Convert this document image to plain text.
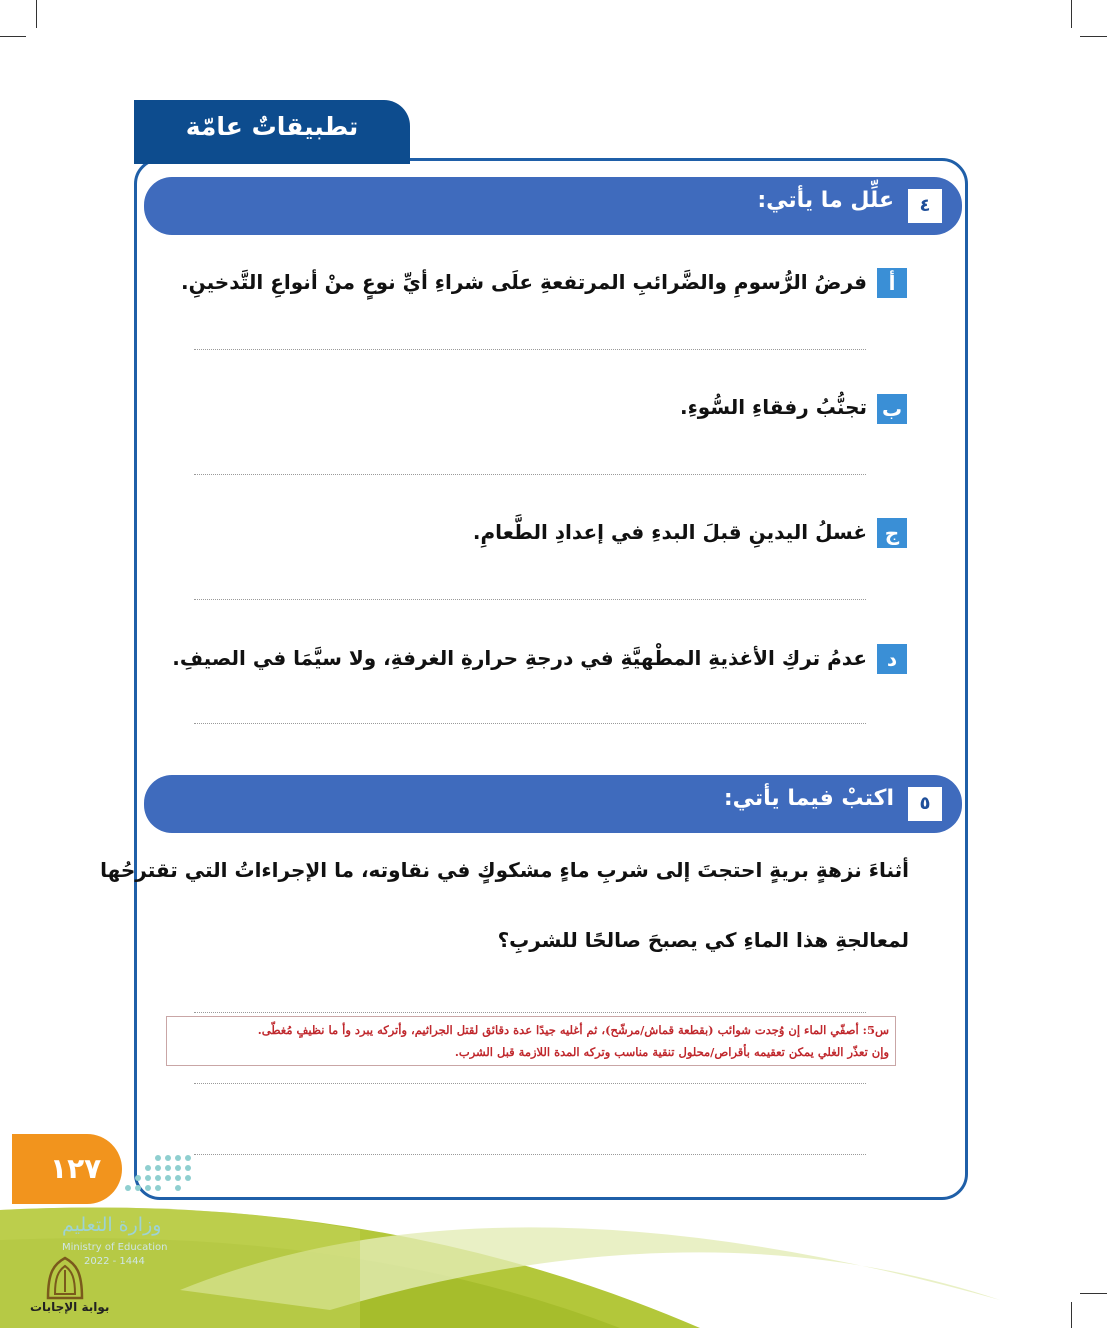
تطبيقاتٌ عامّة
٤
علِّل ما يأتي:
أ
فرضُ الرُّسومِ والضَّرائبِ المرتفعةِ علَى شراءِ أيِّ نوعٍ منْ أنواعِ التَّدخينِ.
ب
تجنُّبُ رفقاءِ السُّوءِ.
ج
غسلُ اليدينِ قبلَ البدءِ في إعدادِ الطَّعامِ.
د
عدمُ تركِ الأغذيةِ المطْهيَّةِ في درجةِ حرارةِ الغرفةِ، ولا سيَّمَا في الصيفِ.
٥
اكتبْ فيما يأتي:
أثناءَ نزهةٍ بريةٍ احتجتَ إلى شربِ ماءٍ مشكوكٍ في نقاوته، ما الإجراءاتُ التي تقترحُها
لمعالجةِ هذا الماءِ كي يصبحَ صالحًا للشربِ؟
س5: أصفّي الماء إن وُجدت شوائب (بقطعة قماش/مرشّح)، ثم أغليه جيدًا عدة دقائق لقتل الجراثيم، وأتركه يبرد وأ ما نظيفٍ مُغطّى.
وإن تعذّر الغلي يمكن تعقيمه بأقراص/محلول تنقية مناسب وتركه المدة اللازمة قبل الشرب.
١٢٧
وزارة التعليم
Ministry of Education
2022 - 1444
بوابة الإجابات
